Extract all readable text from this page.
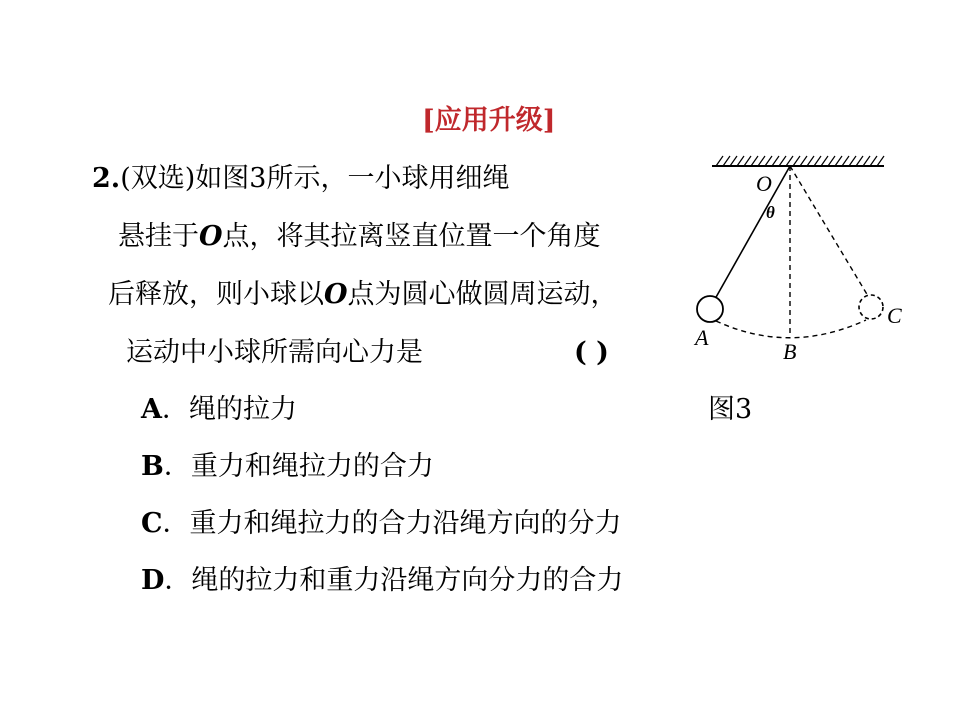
[应用升级]
2.(双选)如图3所示，一小球用细绳
悬挂于O点，将其拉离竖直位置一个角度
后释放，则小球以O点为圆心做圆周运动，
运动中小球所需向心力是	( )
A．绳的拉力
B．重力和绳拉力的合力
C．重力和绳拉力的合力沿绳方向的分力
D．绳的拉力和重力沿绳方向分力的合力
图3
O
θ
A
B
C
